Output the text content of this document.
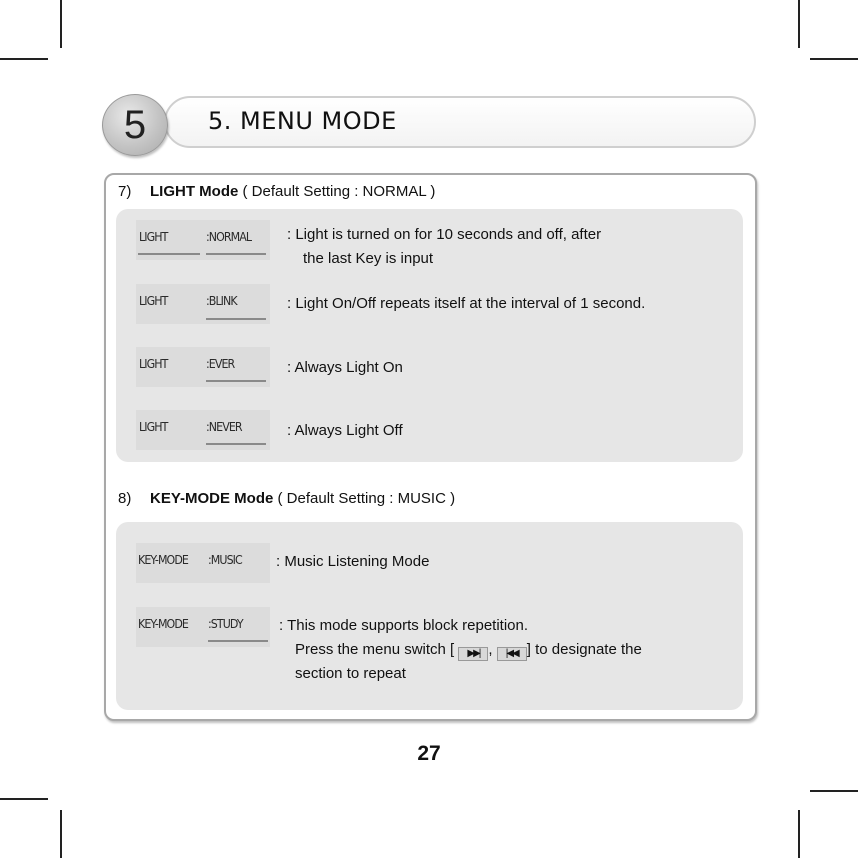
5	5. MENU MODE
7) LIGHT Mode ( Default Setting : NORMAL )
LIGHT	:NORMAL : Light is turned on for 10 seconds and off, after
the last Key is input
LIGHT	:BLINK	: Light On/Off repeats itself at the interval of 1 second.
LIGHT	:EVER	: Always Light On
LIGHT	:NEVER	: Always Light Off
8) KEY-MODE Mode ( Default Setting : MUSIC )
KEY-MODE :MUSIC : Music Listening Mode
KEY-MODE :STUDY : This mode supports block repetition.
Press the menu switch [ ▶▶| , |◀◀ ] to designate the
section to repeat
27
